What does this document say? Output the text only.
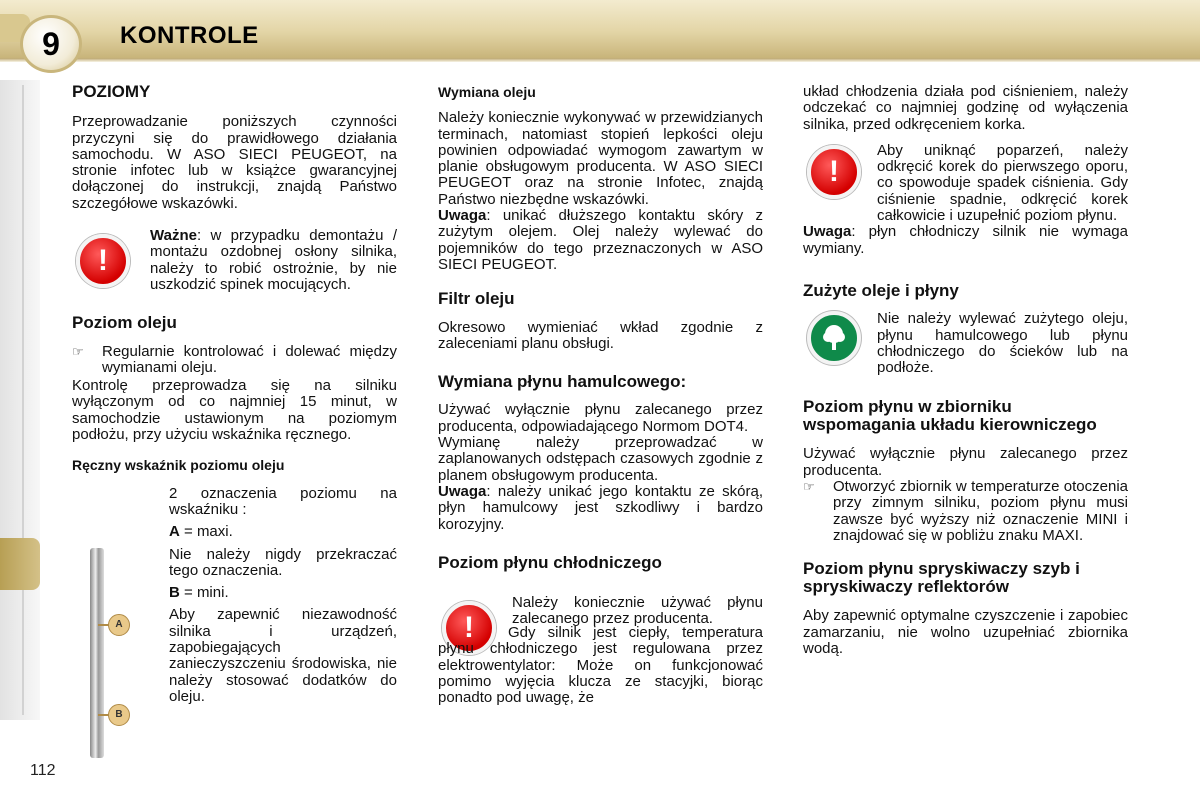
9	KONTROLE
112
POZIOMY
Przeprowadzanie poniższych czynności przyczyni się do prawidłowego działania samochodu. W ASO SIECI PEUGEOT, na stronie infotec lub w książce gwarancyjnej dołączonej do instrukcji, znajdą Państwo szczegółowe wskazówki.
!
Ważne: w przypadku demontażu / montażu ozdobnej osłony silnika, należy to robić ostrożnie, by nie uszkodzić spinek mocujących.
Poziom oleju
☞	Regularnie kontrolować i dolewać między wymianami oleju.
Kontrolę przeprowadza się na silniku wyłączonym od co najmniej 15 minut, w samochodzie ustawionym na poziomym podłożu, przy użyciu wskaźnika ręcznego.
Ręczny wskaźnik poziomu oleju
2 oznaczenia poziomu na wskaźniku :
A = maxi.
Nie należy nigdy przekraczać tego oznaczenia.
B = mini.
Aby zapewnić niezawodność silnika i urządzeń, zapobiegających zanieczyszczeniu środowiska, nie należy stosować dodatków do oleju.
A
B
Wymiana oleju
Należy koniecznie wykonywać w przewidzianych terminach, natomiast stopień lepkości oleju powinien odpowiadać wymogom zawartym w planie obsługowym producenta. W ASO SIECI PEUGEOT oraz na stronie Infotec, znajdą Państwo niezbędne wskazówki.
Uwaga: unikać dłuższego kontaktu skóry z zużytym olejem. Olej należy wylewać do pojemników do tego przeznaczonych w ASO SIECI PEUGEOT.
Filtr oleju
Okresowo wymieniać wkład zgodnie z zaleceniami planu obsługi.
Wymiana płynu hamulcowego:
Używać wyłącznie płynu zalecanego przez producenta, odpowiadającego Normom DOT4.
Wymianę należy przeprowadzać w zaplanowanych odstępach czasowych zgodnie z planem obsługowym producenta.
Uwaga: należy unikać jego kontaktu ze skórą, płyn hamulcowy jest szkodliwy i bardzo korozyjny.
Poziom płynu chłodniczego
!
Należy koniecznie używać płynu zalecanego przez producenta.
Gdy silnik jest ciepły, temperatura płynu chłodniczego jest regulowana przez elektrowentylator: Może on funkcjonować pomimo wyjęcia klucza ze stacyjki, biorąc ponadto pod uwagę, że
układ chłodzenia działa pod ciśnieniem, należy odczekać co najmniej godzinę od wyłączenia silnika, przed odkręceniem korka.
!
Aby uniknąć poparzeń, należy odkręcić korek do pierwszego oporu, co spowoduje spadek ciśnienia. Gdy ciśnienie spadnie, odkręcić korek całkowicie i uzupełnić poziom płynu.
Uwaga: płyn chłodniczy silnik nie wymaga wymiany.
Zużyte oleje i płyny
Nie należy wylewać zużytego oleju, płynu hamulcowego lub płynu chłodniczego do ścieków lub na podłoże.
Poziom płynu w zbiorniku wspomagania układu kierowniczego
Używać wyłącznie płynu zalecanego przez producenta.
☞	Otworzyć zbiornik w temperaturze otoczenia przy zimnym silniku, poziom płynu musi zawsze być wyższy niż oznaczenie MINI i znajdować się w pobliżu znaku MAXI.
Poziom płynu spryskiwaczy szyb i spryskiwaczy reflektorów
Aby zapewnić optymalne czyszczenie i zapobiec zamarzaniu, nie wolno uzupełniać zbiornika wodą.
